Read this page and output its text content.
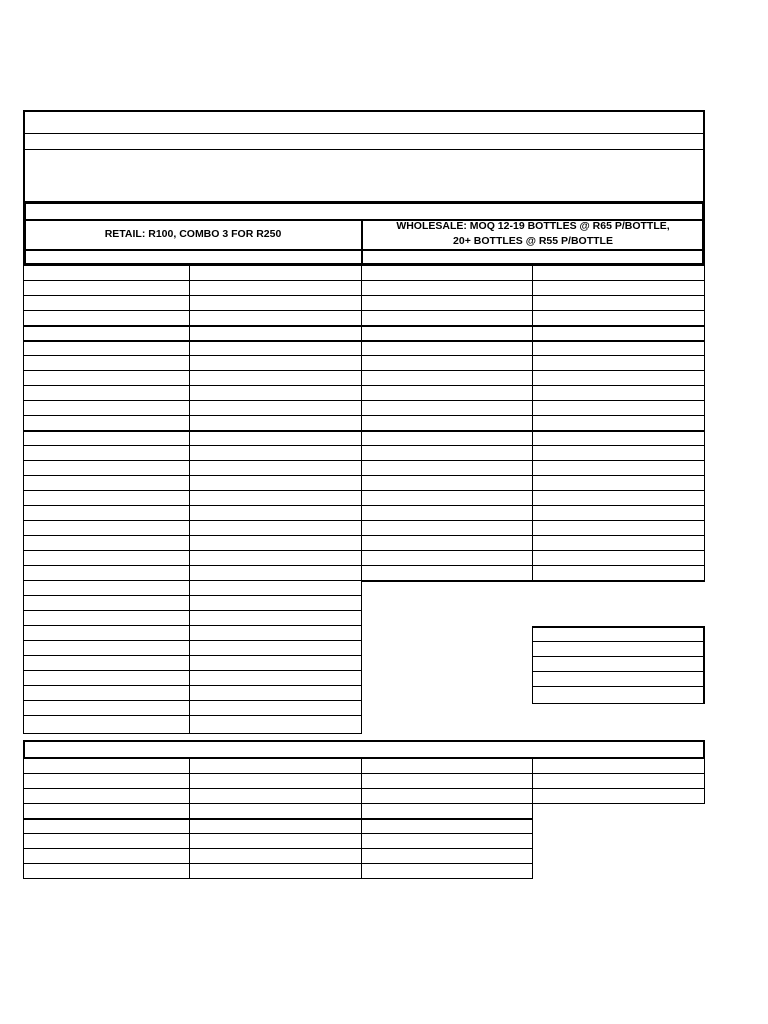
RETAIL: R100, COMBO 3 FOR R250
WHOLESALE: MOQ 12-19 BOTTLES @ R65 P/BOTTLE,
20+ BOTTLES @ R55 P/BOTTLE
